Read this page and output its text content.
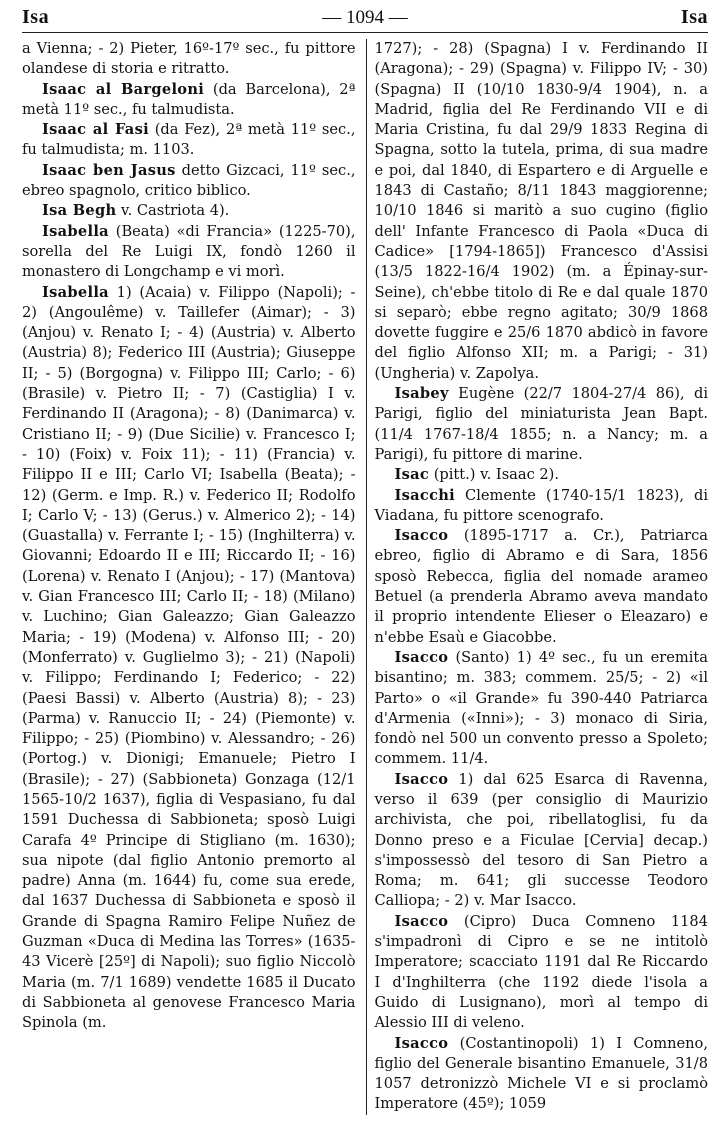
Isa	— 1094 —	Isa

a Vienna; - 2) Pieter, 16º-17º sec., fu pittore olandese di storia e ritratto.

Isaac al Bargeloni (da Barcelona), 2ª metà 11º sec., fu talmudista.

Isaac al Fasi (da Fez), 2ª metà 11º sec., fu talmudista; m. 1103.

Isaac ben Jasus detto Gizcaci, 11º sec., ebreo spagnolo, critico biblico.

Isa Begh v. Castriota 4).

Isabella (Beata) «di Francia» (1225-70), sorella del Re Luigi IX, fondò 1260 il monastero di Longchamp e vi morì.

Isabella 1) (Acaia) v. Filippo (Napoli); - 2) (Angoulême) v. Taillefer (Aimar); - 3) (Anjou) v. Renato I; - 4) (Austria) v. Alberto (Austria) 8); Federico III (Austria); Giuseppe II; - 5) (Borgogna) v. Filippo III; Carlo; - 6) (Brasile) v. Pietro II; - 7) (Castiglia) I v. Ferdinando II (Aragona); - 8) (Danimarca) v. Cristiano II; - 9) (Due Sicilie) v. Francesco I; - 10) (Foix) v. Foix 11); - 11) (Francia) v. Filippo II e III; Carlo VI; Isabella (Beata); - 12) (Germ. e Imp. R.) v. Federico II; Rodolfo I; Carlo V; - 13) (Gerus.) v. Almerico 2); - 14) (Guastalla) v. Ferrante I; - 15) (Inghilterra) v. Giovanni; Edoardo II e III; Riccardo II; - 16) (Lorena) v. Renato I (Anjou); - 17) (Mantova) v. Gian Francesco III; Carlo II; - 18) (Milano) v. Luchino; Gian Galeazzo; Gian Galeazzo Maria; - 19) (Modena) v. Alfonso III; - 20) (Monferrato) v. Guglielmo 3); - 21) (Napoli) v. Filippo; Ferdinando I; Federico; - 22) (Paesi Bassi) v. Alberto (Austria) 8); - 23) (Parma) v. Ranuccio II; - 24) (Piemonte) v. Filippo; - 25) (Piombino) v. Alessandro; - 26) (Portog.) v. Dionigi; Emanuele; Pietro I (Brasile); - 27) (Sabbioneta) Gonzaga (12/1 1565-10/2 1637), figlia di Vespasiano, fu dal 1591 Duchessa di Sabbioneta; sposò Luigi Carafa 4º Principe di Stigliano (m. 1630); sua nipote (dal figlio Antonio premorto al padre) Anna (m. 1644) fu, come sua erede, dal 1637 Duchessa di Sabbioneta e sposò il Grande di Spagna Ramiro Felipe Nuñez de Guzman «Duca di Medina las Torres» (1635-43 Vicerè [25º] di Napoli); suo figlio Niccolò Maria (m. 7/1 1689) vendette 1685 il Ducato di Sabbioneta al genovese Francesco Maria Spinola (m.

1727); - 28) (Spagna) I v. Ferdinando II (Aragona); - 29) (Spagna) v. Filippo IV; - 30) (Spagna) II (10/10 1830-9/4 1904), n. a Madrid, figlia del Re Ferdinando VII e di Maria Cristina, fu dal 29/9 1833 Regina di Spagna, sotto la tutela, prima, di sua madre e poi, dal 1840, di Espartero e di Arguelle e 1843 di Castaño; 8/11 1843 maggiorenne; 10/10 1846 si maritò a suo cugino (figlio dell' Infante Francesco di Paola «Duca di Cadice» [1794-1865]) Francesco d'Assisi (13/5 1822-16/4 1902) (m. a Épinay-sur-Seine), ch'ebbe titolo di Re e dal quale 1870 si separò; ebbe regno agitato; 30/9 1868 dovette fuggire e 25/6 1870 abdicò in favore del figlio Alfonso XII; m. a Parigi; - 31) (Ungheria) v. Zapolya.

Isabey Eugène (22/7 1804-27/4 86), di Parigi, figlio del miniaturista Jean Bapt. (11/4 1767-18/4 1855; n. a Nancy; m. a Parigi), fu pittore di marine.

Isac (pitt.) v. Isaac 2).

Isacchi Clemente (1740-15/1 1823), di Viadana, fu pittore scenografo.

Isacco (1895-1717 a. Cr.), Patriarca ebreo, figlio di Abramo e di Sara, 1856 sposò Rebecca, figlia del nomade arameo Betuel (a prenderla Abramo aveva mandato il proprio intendente Elieser o Eleazaro) e n'ebbe Esaù e Giacobbe.

Isacco (Santo) 1) 4º sec., fu un eremita bisantino; m. 383; commem. 25/5; - 2) «il Parto» o «il Grande» fu 390-440 Patriarca d'Armenia («Inni»); - 3) monaco di Siria, fondò nel 500 un convento presso a Spoleto; commem. 11/4.

Isacco 1) dal 625 Esarca di Ravenna, verso il 639 (per consiglio di Maurizio archivista, che poi, ribellatoglisi, fu da Donno preso e a Ficulae [Cervia] decap.) s'impossessò del tesoro di San Pietro a Roma; m. 641; gli successe Teodoro Calliopa; - 2) v. Mar Isacco.

Isacco (Cipro) Duca Comneno 1184 s'impadronì di Cipro e se ne intitolò Imperatore; scacciato 1191 dal Re Riccardo I d'Inghilterra (che 1192 diede l'isola a Guido di Lusignano), morì al tempo di Alessio III di veleno.

Isacco (Costantinopoli) 1) I Comneno, figlio del Generale bisantino Emanuele, 31/8 1057 detronizzò Michele VI e si proclamò Imperatore (45º); 1059
